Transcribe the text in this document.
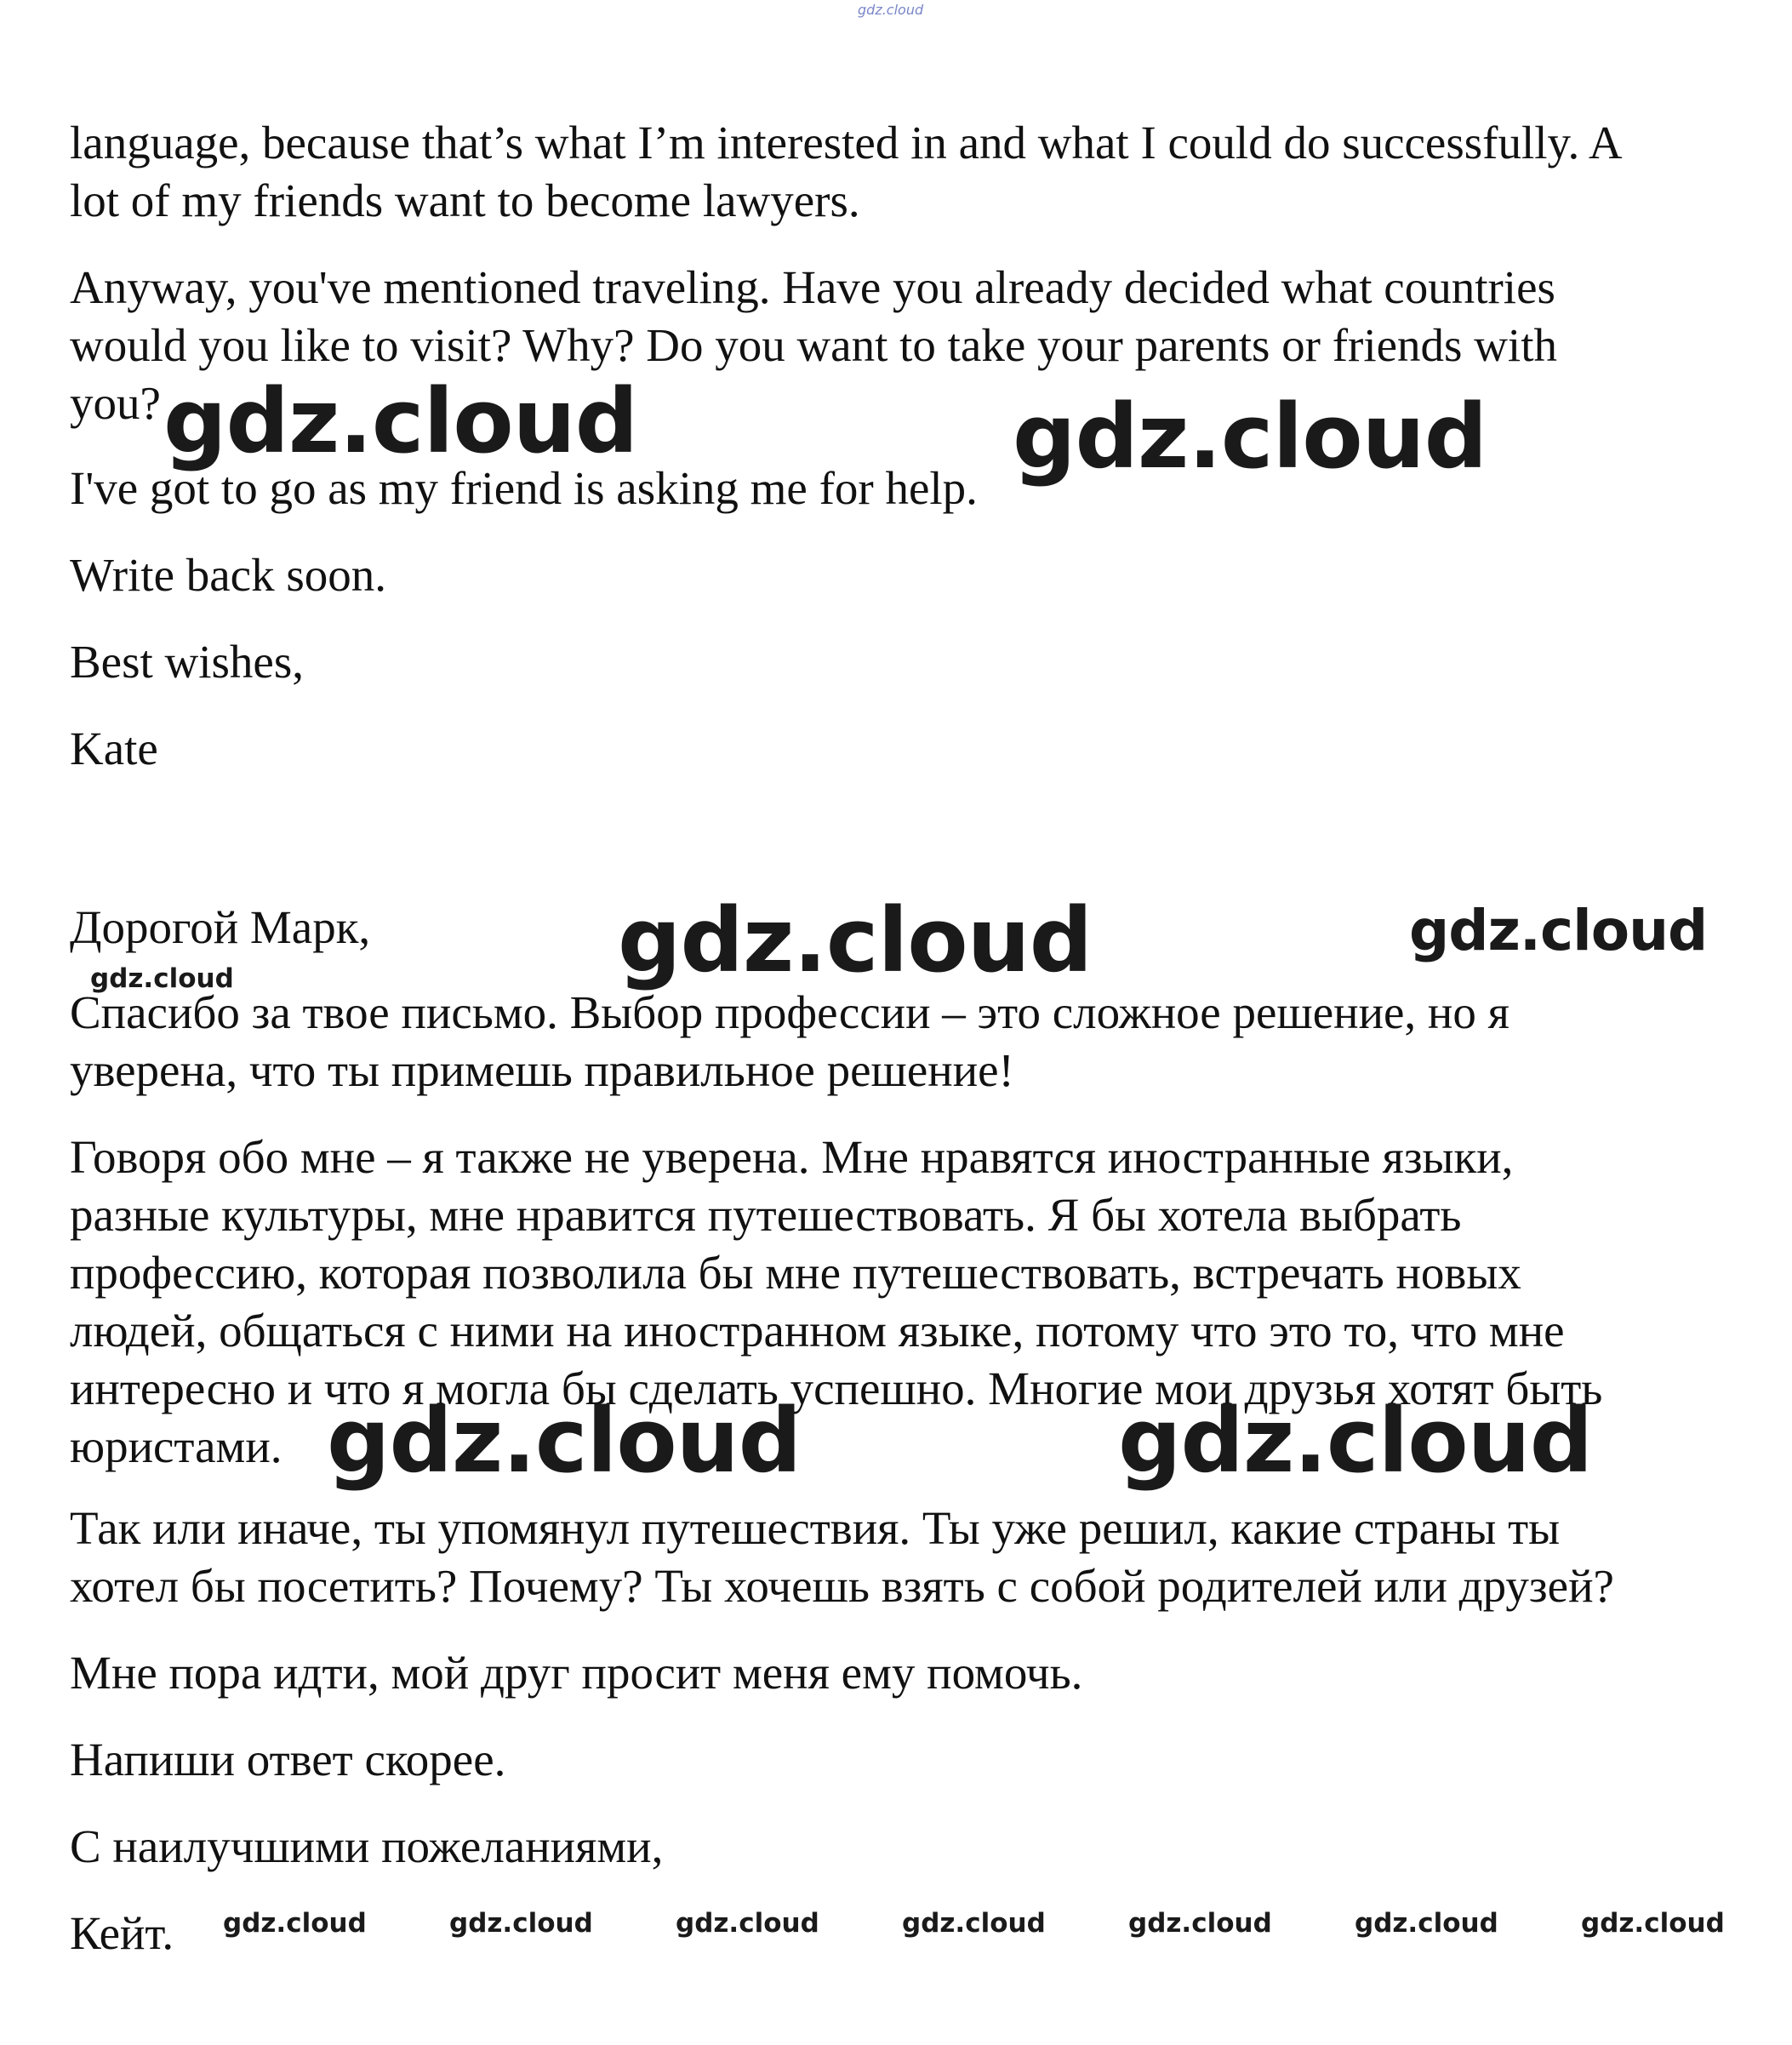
gdz.cloud
language, because that’s what I’m interested in and what I could do successfully. A
lot of my friends want to become lawyers.
Anyway, you've mentioned traveling. Have you already decided what countries
would you like to visit? Why? Do you want to take your parents or friends with
you?
I've got to go as my friend is asking me for help.
Write back soon.
Best wishes,
Kate
Дорогой Марк,
Спасибо за твое письмо. Выбор профессии – это сложное решение, но я
уверена, что ты примешь правильное решение!
Говоря обо мне – я также не уверена. Мне нравятся иностранные языки,
разные культуры, мне нравится путешествовать. Я бы хотела выбрать
профессию, которая позволила бы мне путешествовать, встречать новых
людей, общаться с ними на иностранном языке, потому что это то, что мне
интересно и что я могла бы сделать успешно. Многие мои друзья хотят быть
юристами.
Так или иначе, ты упомянул путешествия. Ты уже решил, какие страны ты
хотел бы посетить? Почему? Ты хочешь взять с собой родителей или друзей?
Мне пора идти, мой друг просит меня ему помочь.
Напиши ответ скорее.
С наилучшими пожеланиями,
Кейт.
gdz.cloud	gdz.cloud
gdz.cloud	gdz.cloud
gdz.cloud
gdz.cloud	gdz.cloud
gdz.cloud	gdz.cloud	gdz.cloud	gdz.cloud	gdz.cloud	gdz.cloud	gdz.cloud
